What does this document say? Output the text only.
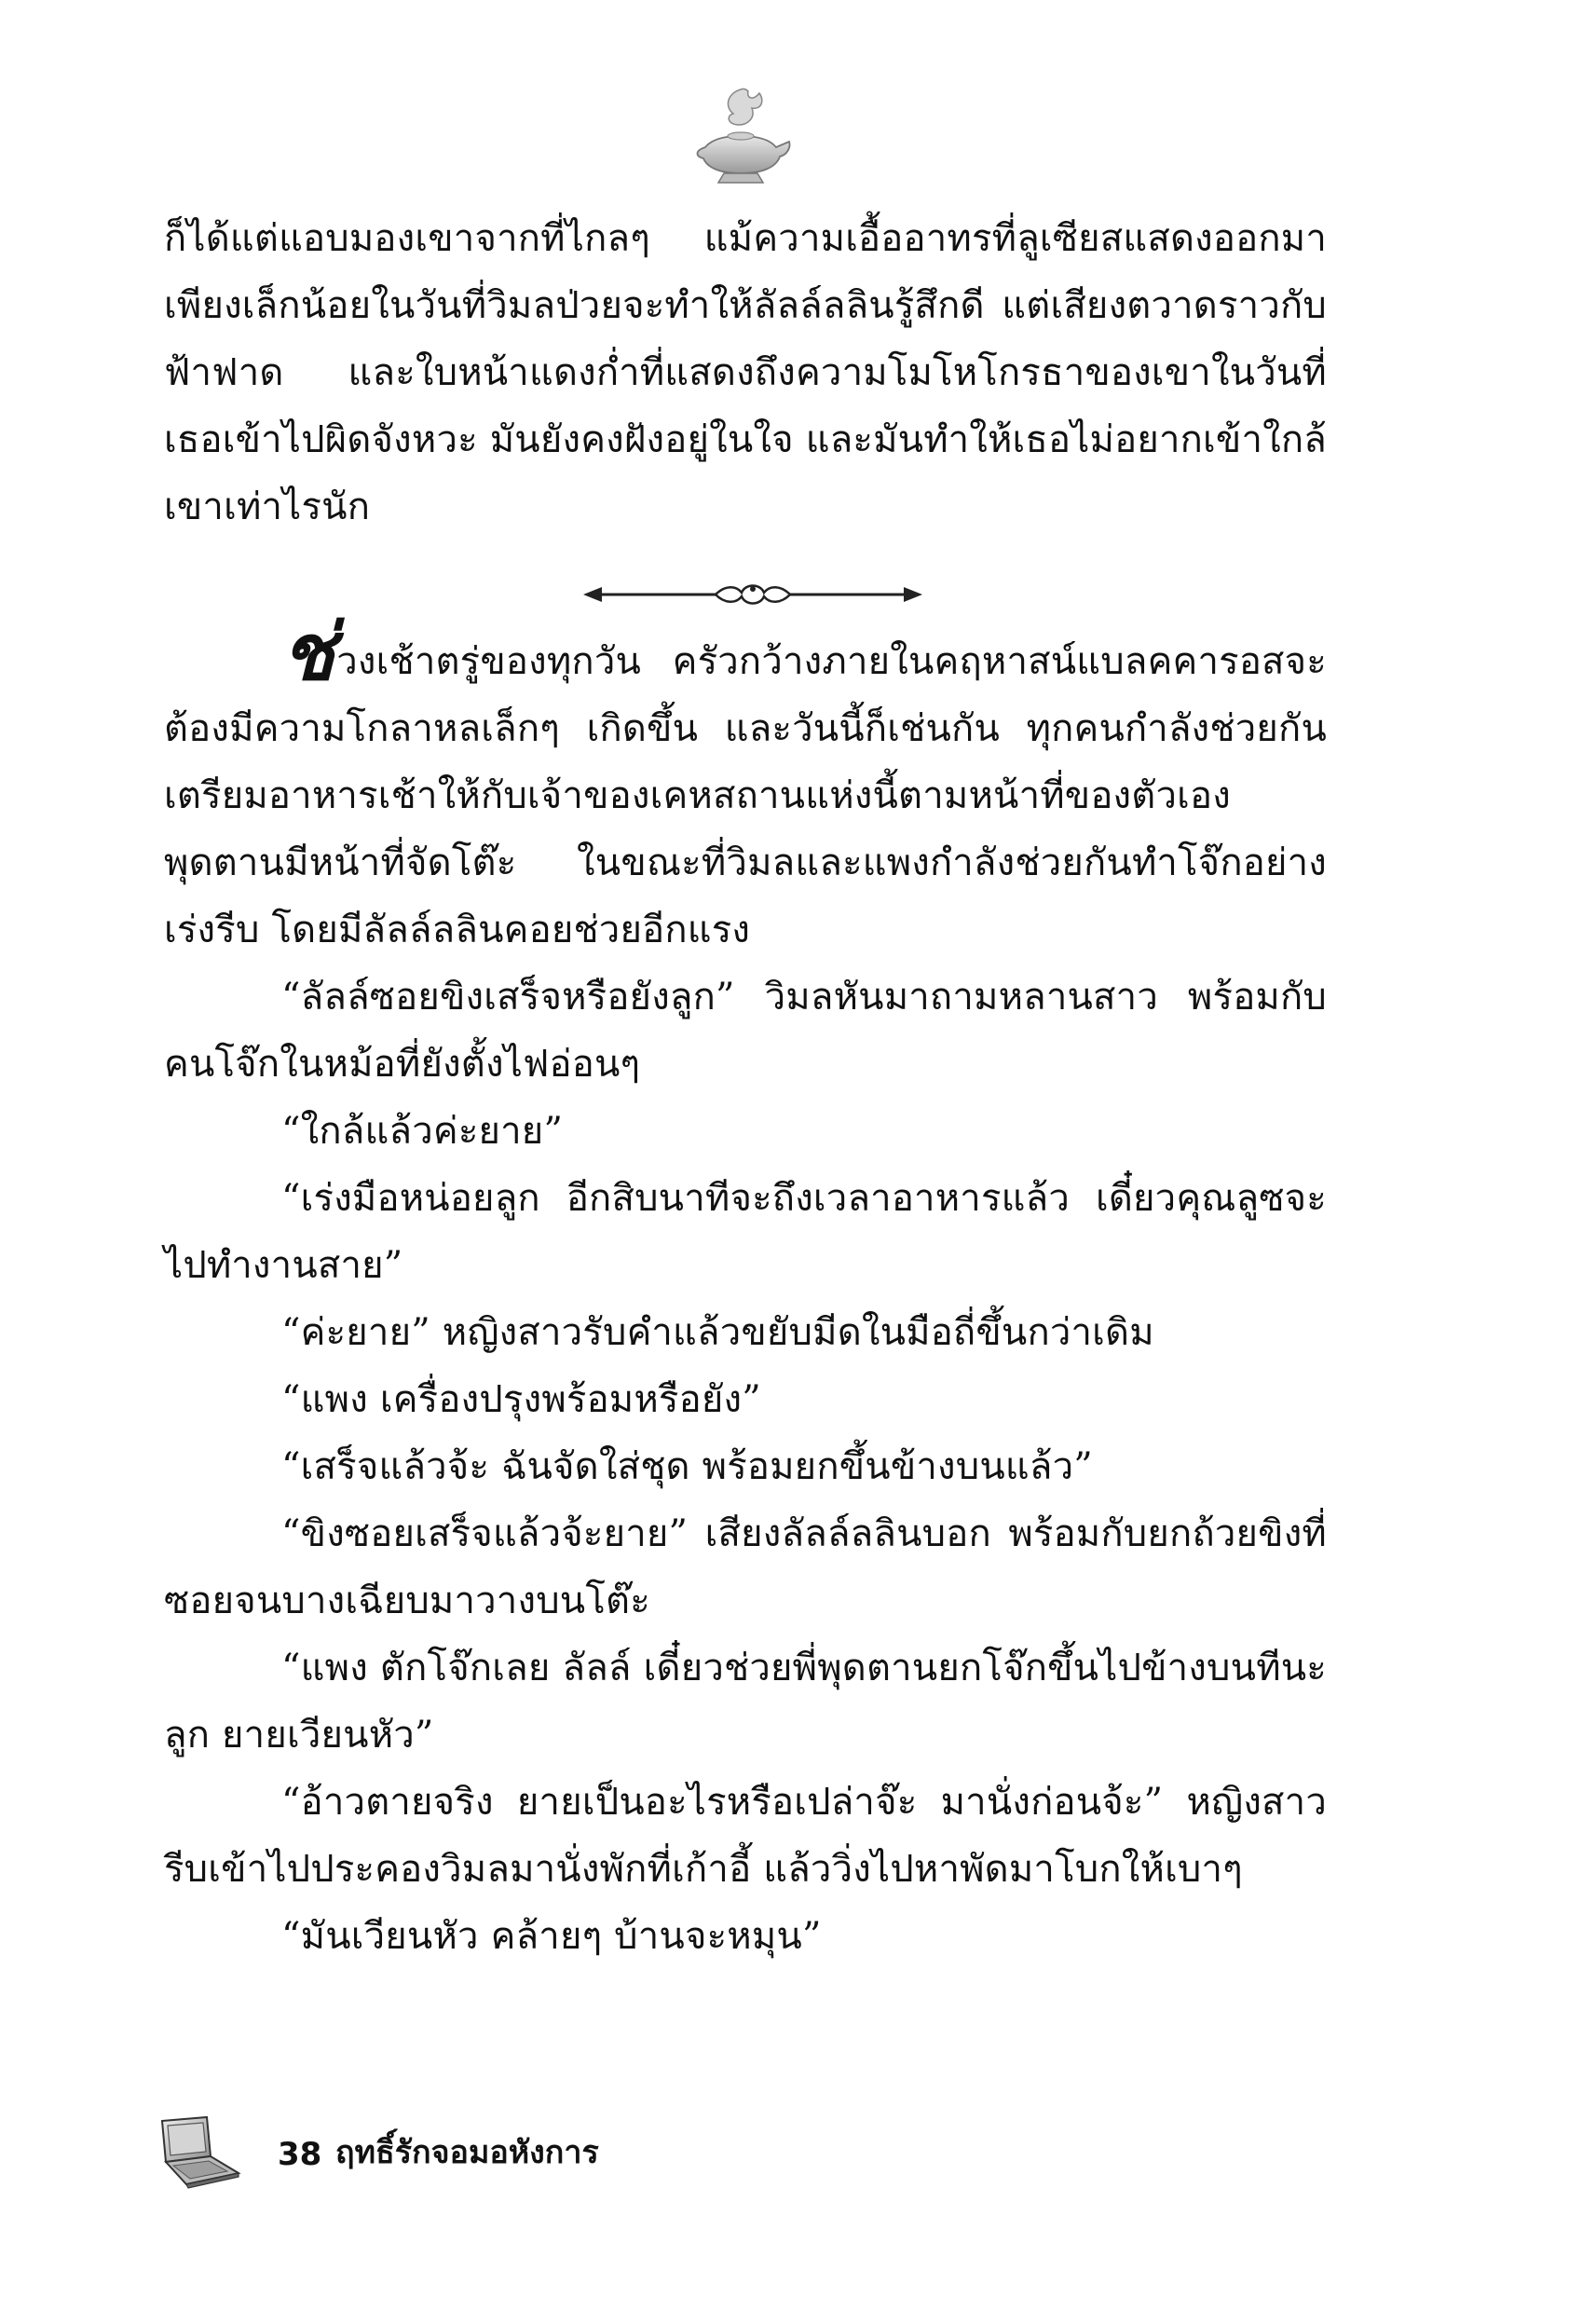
ก็ได้แต่แอบมองเขาจากที่ไกลๆ แม้ความเอื้ออาทรที่ลูเซียสแสดงออกมาเพียงเล็กน้อยในวันที่วิมลป่วยจะทำให้ลัลล์ลลินรู้สึกดี แต่เสียงตวาดราวกับฟ้าฟาด และใบหน้าแดงก่ำที่แสดงถึงความโมโหโกรธาของเขาในวันที่เธอเข้าไปผิดจังหวะ มันยังคงฝังอยู่ในใจ และมันทำให้เธอไม่อยากเข้าใกล้เขาเท่าไรนัก

ช่วงเช้าตรู่ของทุกวัน ครัวกว้างภายในคฤหาสน์แบลคคารอสจะต้องมีความโกลาหลเล็กๆ เกิดขึ้น และวันนี้ก็เช่นกัน ทุกคนกำลังช่วยกันเตรียมอาหารเช้าให้กับเจ้าของเคหสถานแห่งนี้ตามหน้าที่ของตัวเอง พุดตานมีหน้าที่จัดโต๊ะ ในขณะที่วิมลและแพงกำลังช่วยกันทำโจ๊กอย่างเร่งรีบ โดยมีลัลล์ลลินคอยช่วยอีกแรง

“ลัลล์ซอยขิงเสร็จหรือยังลูก” วิมลหันมาถามหลานสาว พร้อมกับคนโจ๊กในหม้อที่ยังตั้งไฟอ่อนๆ

“ใกล้แล้วค่ะยาย”

“เร่งมือหน่อยลูก อีกสิบนาทีจะถึงเวลาอาหารแล้ว เดี๋ยวคุณลูซจะไปทำงานสาย”

“ค่ะยาย” หญิงสาวรับคำแล้วขยับมีดในมือถี่ขึ้นกว่าเดิม

“แพง เครื่องปรุงพร้อมหรือยัง”

“เสร็จแล้วจ้ะ ฉันจัดใส่ชุด พร้อมยกขึ้นข้างบนแล้ว”

“ขิงซอยเสร็จแล้วจ้ะยาย” เสียงลัลล์ลลินบอก พร้อมกับยกถ้วยขิงที่ซอยจนบางเฉียบมาวางบนโต๊ะ

“แพง ตักโจ๊กเลย ลัลล์ เดี๋ยวช่วยพี่พุดตานยกโจ๊กขึ้นไปข้างบนทีนะลูก ยายเวียนหัว”

“อ้าวตายจริง ยายเป็นอะไรหรือเปล่าจ๊ะ มานั่งก่อนจ้ะ” หญิงสาวรีบเข้าไปประคองวิมลมานั่งพักที่เก้าอี้ แล้ววิ่งไปหาพัดมาโบกให้เบาๆ

“มันเวียนหัว คล้ายๆ บ้านจะหมุน”

38 ฤทธิ์รักจอมอหังการ
